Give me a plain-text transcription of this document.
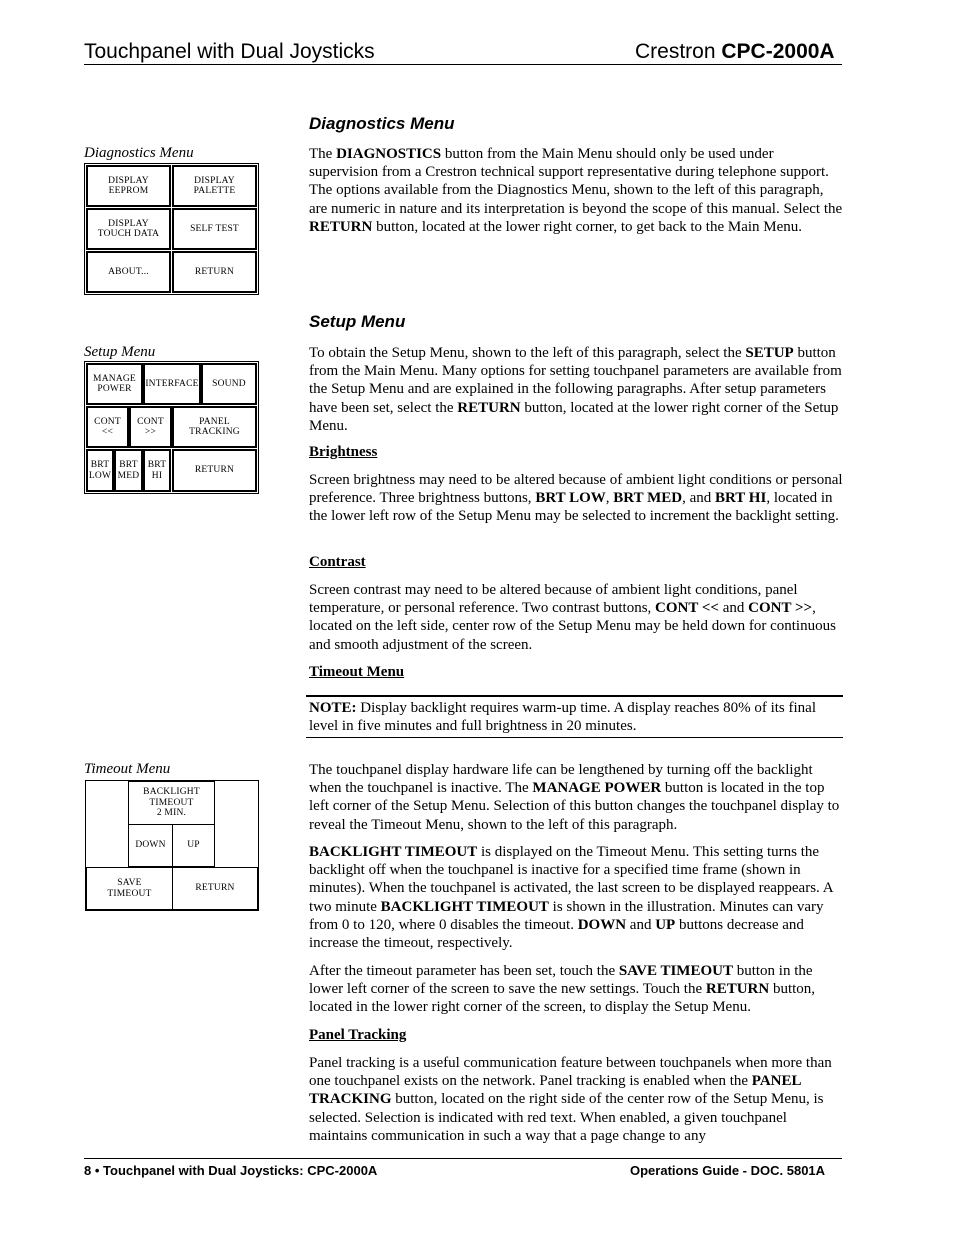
Touchpanel with Dual Joysticks	Crestron CPC-2000A
Diagnostics Menu
Diagnostics Menu
DISPLAY
EEPROM
DISPLAY
PALETTE
DISPLAY
TOUCH DATA
SELF TEST
ABOUT...	RETURN
The DIAGNOSTICS button from the Main Menu should only be used under supervision from a Crestron technical support representative during telephone support. The options available from the Diagnostics Menu, shown to the left of this paragraph, are numeric in nature and its interpretation is beyond the scope of this manual. Select the RETURN button, located at the lower right corner, to get back to the Main Menu.
Setup Menu
Setup Menu
MANAGE
POWER
INTERFACE SOUND
CONT
<<
CONT
>>
PANEL
TRACKING
BRT
LOW
BRT
MED
BRT
HI
RETURN
To obtain the Setup Menu, shown to the left of this paragraph, select the SETUP button from the Main Menu. Many options for setting touchpanel parameters are available from the Setup Menu and are explained in the following paragraphs. After setup parameters have been set, select the RETURN button, located at the lower right corner of the Setup Menu.
Brightness
Screen brightness may need to be altered because of ambient light conditions or personal preference. Three brightness buttons, BRT LOW, BRT MED, and BRT HI, located in the lower left row of the Setup Menu may be selected to increment the backlight setting.
Contrast
Screen contrast may need to be altered because of ambient light conditions, panel temperature, or personal reference. Two contrast buttons, CONT << and CONT >>, located on the left side, center row of the Setup Menu may be held down for continuous and smooth adjustment of the screen.
Timeout Menu
NOTE: Display backlight requires warm-up time. A display reaches 80% of its final level in five minutes and full brightness in 20 minutes.
Timeout Menu
BACKLIGHT
TIMEOUT
2 MIN.
DOWN UP
SAVE
TIMEOUT
RETURN
The touchpanel display hardware life can be lengthened by turning off the backlight when the touchpanel is inactive. The MANAGE POWER button is located in the top left corner of the Setup Menu. Selection of this button changes the touchpanel display to reveal the Timeout Menu, shown to the left of this paragraph.
BACKLIGHT TIMEOUT is displayed on the Timeout Menu. This setting turns the backlight off when the touchpanel is inactive for a specified time frame (shown in minutes). When the touchpanel is activated, the last screen to be displayed reappears. A two minute BACKLIGHT TIMEOUT is shown in the illustration. Minutes can vary from 0 to 120, where 0 disables the timeout. DOWN and UP buttons decrease and increase the timeout, respectively.
After the timeout parameter has been set, touch the SAVE TIMEOUT button in the lower left corner of the screen to save the new settings. Touch the RETURN button, located in the lower right corner of the screen, to display the Setup Menu.
Panel Tracking
Panel tracking is a useful communication feature between touchpanels when more than one touchpanel exists on the network. Panel tracking is enabled when the PANEL TRACKING button, located on the right side of the center row of the Setup Menu, is selected. Selection is indicated with red text. When enabled, a given touchpanel maintains communication in such a way that a page change to any
8 • Touchpanel with Dual Joysticks: CPC-2000A	Operations Guide - DOC. 5801A
